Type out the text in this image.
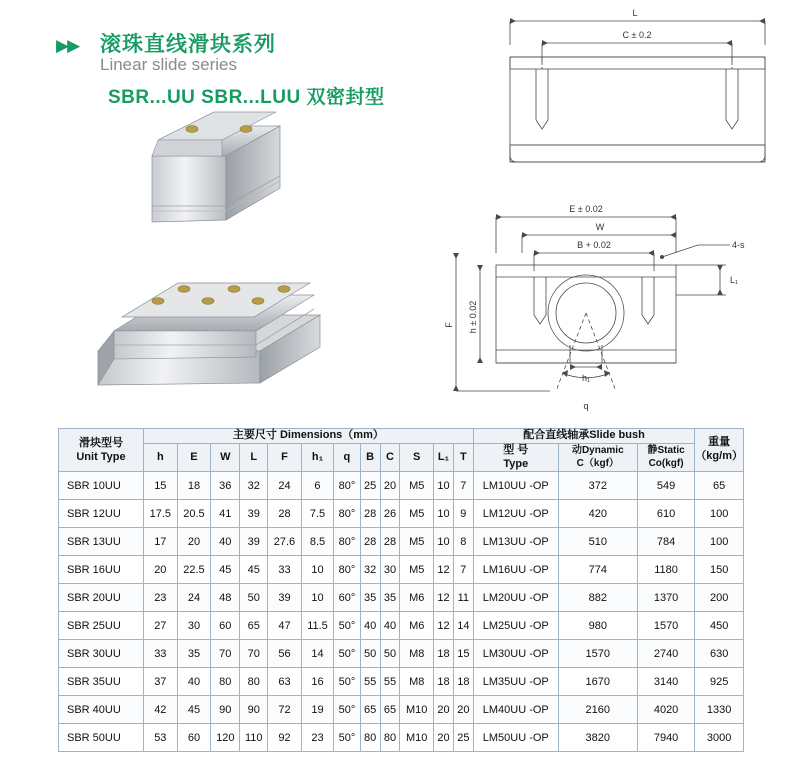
▶▶ 滚珠直线滑块系列
Linear slide series
SBR...UU SBR...LUU 双密封型
L
C ± 0.2
E ± 0.02
W
B + 0.02	4-s
L₁
h ± 0.02
F
h₁
q
滑块型号
Unit Type
	主要尺寸 Dimensions（mm）	配合直线轴承Slide bush	
重量
（kg/m）

h	E	W	L	F	h₁	q	B	C	S	L₁	T	
型 号
Type

动Dynamic
C（kgf）

静Static
Co(kgf)

SBR 10UU	15	18	36	32	24	6	80°	25	20	M5	10	7	LM10UU -OP	372	549	65
SBR 12UU	17.5	20.5	41	39	28	7.5	80°	28	26	M5	10	9	LM12UU -OP	420	610	100
SBR 13UU	17	20	40	39	27.6	8.5	80°	28	28	M5	10	8	LM13UU -OP	510	784	100
SBR 16UU	20	22.5	45	45	33	10	80°	32	30	M5	12	7	LM16UU -OP	774	1180	150
SBR 20UU	23	24	48	50	39	10	60°	35	35	M6	12	11	LM20UU -OP	882	1370	200
SBR 25UU	27	30	60	65	47	11.5	50°	40	40	M6	12	14	LM25UU -OP	980	1570	450
SBR 30UU	33	35	70	70	56	14	50°	50	50	M8	18	15	LM30UU -OP	1570	2740	630
SBR 35UU	37	40	80	80	63	16	50°	55	55	M8	18	18	LM35UU -OP	1670	3140	925
SBR 40UU	42	45	90	90	72	19	50°	65	65	M10	20	20	LM40UU -OP	2160	4020	1330
SBR 50UU	53	60	120	110	92	23	50°	80	80	M10	20	25	LM50UU -OP	3820	7940	3000
